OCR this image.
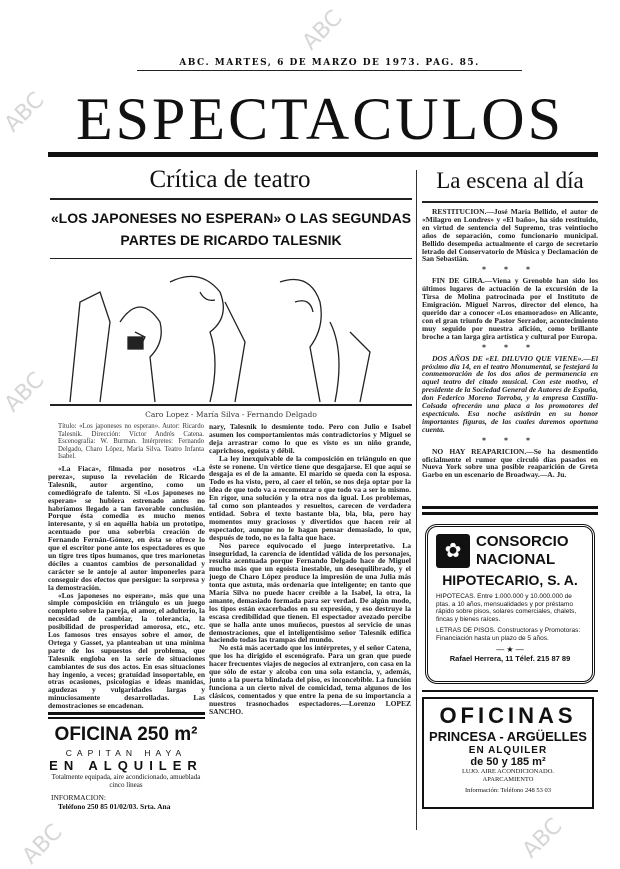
ABC
ABC
ABC
ABC	ABC
ABC. MARTES, 6 DE MARZO DE 1973. PAG. 85.
ESPECTACULOS
Crítica de teatro
«LOS JAPONESES NO ESPERAN» O LAS SEGUNDAS
PARTES DE RICARDO TALESNIK
Caro Lopez - María Silva - Fernando Delgado
Título: «Los japoneses no esperan». Autor: Ricardo Talesnik. Dirección: Víctor Andrés Catena. Escenografía: W. Burman. Intérpretes: Fernando Delgado, Charo López, María Silva. Teatro Infanta Isabel.

«La Fiaca», filmada por nosotros «La pereza», supuso la revelación de Ricardo Talesnik, autor argentino, como un comediógrafo de talento. Si «Los japoneses no esperan» se hubiera estrenado antes no habríamos llegado a tan favorable conclusión. Porque ésta comedia es mucho menos interesante, y si en aquélla había un prototipo, acentuado por una soberbia creación de Fernando Fernán-Gómez, en ésta se ofrece lo que el escritor pone ante los espectadores es que un tigre tres tipos humanos, que tres marionetas dóciles a cuantos cambios de personalidad y carácter se le antoje al autor imponerles para conseguir dos efectos que persigue: la sorpresa y la demostración.

«Los japoneses no esperan», más que una simple composición en triángulo es un juego completo sobre la pareja, el amor, el adulterio, la necesidad de cambiar, la tolerancia, la posibilidad de prosperidad amorosa, etc., etc. Los famosos tres ensayos sobre el amor, de Ortega y Gasset, ya planteaban ut una mínima parte de los supuestos del problema, que Talesnik engloba en la serie de situaciones cambiantes de sus dos actos. En esas situaciones hay ingenio, a veces; gratuidad insoportable, en otras ocasiones, psicologías e ideas manidas, agudezas y vulgaridades largas y minuciosamente desarrolladas. Las demostraciones se encadenan.

nary, Talesnik lo desmiente todo. Pero con Julio e Isabel asumen los comportamientos más contradictorios y Miguel se deja arrastrar como lo que es visto es un niño grande, caprichoso, egoísta y débil.

La ley inexquivable de la composición en triángulo en que éste se ronene. Un vértice tiene que desgajarse. El que aquí se desgaja es el de la amante. El marido se queda con la esposa. Todo es ha visto, pero, al caer el telón, se nos deja optar por la idea de que todo va a recomenzar o que todo va a ser lo mismo. En rigor, una solución y la otra nos da igual. Los problemas, tal como son planteados y resueltos, carecen de verdadera entidad. Sobra el texto bastante bla, bla, bla, pero hay momentos muy graciosos y divertidos que hacen reír al espectador, aunque no le hagan pensar demasiado, lo que, después de todo, no es la falta que hace.

Nos parece equivocado el juego interpretativo. La inseguridad, la carencia de identidad válida de los personajes, resulta acentuada porque Fernando Delgado hace de Miguel mucho más que un egoísta inestable, un desequilibrado, y el juego de Charo López produce la impresión de una Julia más tonta que astuta, más ordenaria que inteligente; en tanto que María Silva no puede hacer creíble a la Isabel, la otra, la amante, demasiado formada para ser verdad. De algún modo, los tipos están exacerbados en su expresión, y eso destruye la escasa credibilidad que tienen. El espectador avezado percibe que se halla ante unos muñecos, puestos al servicio de unas demostraciones, que el inteligentísimo señor Talesnik edifica haciendo todas las trampas del mundo.

No está más acertado que los intérpretes, y el señor Catena, que los ha dirigido el escenógrafo. Para un gran que puede hacer frecuentes viajes de negocios al extranjero, con casa en la que sólo de estar y alcoba con una sola estancia, y, además, junto a la puerta blindada del piso, es inconcebible. La función funciona a un cierto nivel de comicidad, tema algunos de los clásicos, comentados y que entre la pena de su importancia a nuestros trasnochados espectadores.—Lorenzo LOPEZ SANCHO.

OFICINA 250 m²
CAPITAN HAYA
EN ALQUILER
Totalmente equipada, aire acondicionado, amueblada cinco líneas
INFORMACION:
Teléfono 250 85 01/02/03. Srta. Ana
La escena al día

RESTITUCION.—José María Bellido, el autor de «Milagro en Londres» y «El baño», ha sido restituido, en virtud de sentencia del Supremo, tras veintiocho años de separación, como funcionario municipal. Bellido desempeña actualmente el cargo de secretario letrado del Conservatorio de Música y Declamación de San Sebastián.

* * *

FIN DE GIRA.—Viena y Grenoble han sido los últimos lugares de actuación de la excursión de la Tirsa de Molina patrocinada por el Instituto de Emigración. Miguel Narros, director del elenco, ha querido dar a conocer «Los enamorados» en Alicante, con el gran triunfo de Pastor Serrador, acontecimiento muy seguido por nuestra afición, como brillante broche a tan larga gira artística y cultural por Europa.

* * *

DOS AÑOS DE «EL DILUVIO QUE VIENE».—El próximo día 14, en el teatro Monumental, se festejará la conmemoración de los dos años de permanencia en aquel teatro del citado musical. Con este motivo, el presidente de la Sociedad General de Autores de España, don Federico Moreno Torroba, y la empresa Castilla-Colsada ofrecerán una placa a los promotores del espectáculo. Esa noche asistirán en su honor importantes figuras, de las cuales daremos oportuna cuenta.

* * *

NO HAY REAPARICION.—Se ha desmentido oficialmente el rumor que circuló días pasados en Nueva York sobre una posible reaparición de Greta Garbo en un escenario de Broadway.—A. Ju.

✿ CONSORCIO
NACIONAL
HIPOTECARIO, S. A.
HIPOTECAS. Entre 1.000.000 y 10.000.000 de ptas. a 10 años, mensualidades y por préstamo rápido sobre pisos, solares comerciales, chalets, fincas y bienes raíces.
LETRAS DE PISOS. Constructoras y Promotoras: Financiación hasta un plazo de 5 años.
— ★ —
Rafael Herrera, 11 Télef. 215 87 89
OFICINAS
PRINCESA - ARGÜELLES
EN ALQUILER
de 50 y 185 m²
LUJO. AIRE ACONDICIONADO. APARCAMIENTO
Información: Teléfono 248 53 03
